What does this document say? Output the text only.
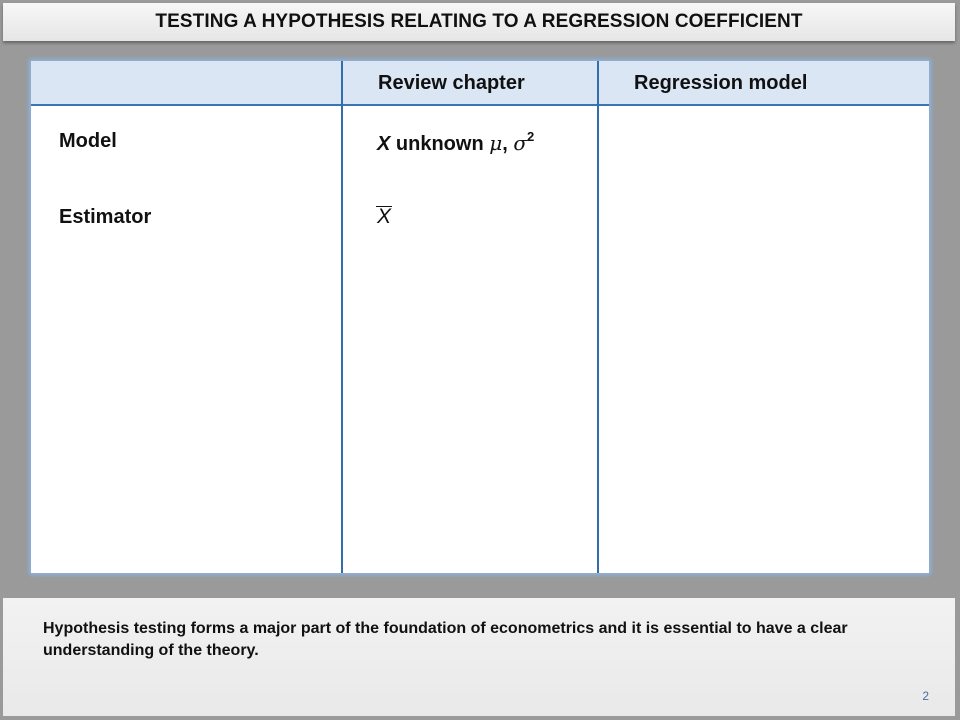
TESTING A HYPOTHESIS RELATING TO A REGRESSION COEFFICIENT
Review chapter	Regression model
Model
Estimator
X unknown μ, $\sigma^2$
X
Hypothesis testing forms a major part of the foundation of econometrics and it is essential to have a clear understanding of the theory.
2
